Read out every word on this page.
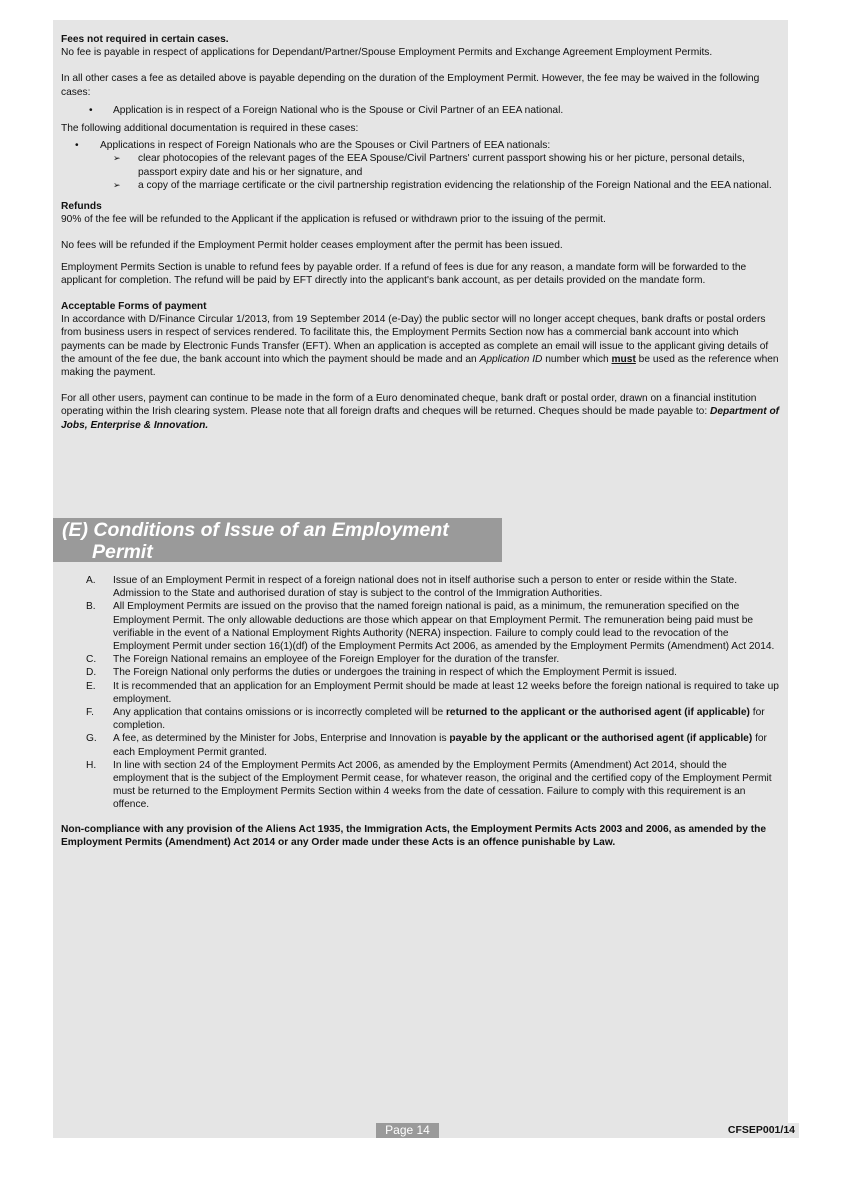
Fees not required in certain cases.

No fee is payable in respect of applications for Dependant/Partner/Spouse Employment Permits and Exchange Agreement Employment Permits.

In all other cases a fee as detailed above is payable depending on the duration of the Employment Permit. However, the fee may be waived in the following cases:

• Application is in respect of a Foreign National who is the Spouse or Civil Partner of an EEA national.

The following additional documentation is required in these cases:

• Applications in respect of Foreign Nationals who are the Spouses or Civil Partners of EEA nationals:
➢ clear photocopies of the relevant pages of the EEA Spouse/Civil Partners' current passport showing his or her picture, personal details, passport expiry date and his or her signature, and
➢ a copy of the marriage certificate or the civil partnership registration evidencing the relationship of the Foreign National and the EEA national.

Refunds

90% of the fee will be refunded to the Applicant if the application is refused or withdrawn prior to the issuing of the permit.

No fees will be refunded if the Employment Permit holder ceases employment after the permit has been issued.

Employment Permits Section is unable to refund fees by payable order. If a refund of fees is due for any reason, a mandate form will be forwarded to the applicant for completion. The refund will be paid by EFT directly into the applicant's bank account, as per details provided on the mandate form.

Acceptable Forms of payment

In accordance with D/Finance Circular 1/2013, from 19 September 2014 (e-Day) the public sector will no longer accept cheques, bank drafts or postal orders from business users in respect of services rendered. To facilitate this, the Employment Permits Section now has a commercial bank account into which payments can be made by Electronic Funds Transfer (EFT). When an application is accepted as complete an email will issue to the applicant giving details of the amount of the fee due, the bank account into which the payment should be made and an Application ID number which must be used as the reference when making the payment.

For all other users, payment can continue to be made in the form of a Euro denominated cheque, bank draft or postal order, drawn on a financial institution operating within the Irish clearing system. Please note that all foreign drafts and cheques will be returned. Cheques should be made payable to: Department of Jobs, Enterprise & Innovation.

(E) Conditions of Issue of an Employment
Permit
A. Issue of an Employment Permit in respect of a foreign national does not in itself authorise such a person to enter or reside within the State. Admission to the State and authorised duration of stay is subject to the control of the Immigration Authorities.
B. All Employment Permits are issued on the proviso that the named foreign national is paid, as a minimum, the remuneration specified on the Employment Permit. The only allowable deductions are those which appear on that Employment Permit. The remuneration being paid must be verifiable in the event of a National Employment Rights Authority (NERA) inspection. Failure to comply could lead to the revocation of the Employment Permit under section 16(1)(df) of the Employment Permits Act 2006, as amended by the Employment Permits (Amendment) Act 2014.
C. The Foreign National remains an employee of the Foreign Employer for the duration of the transfer.
D. The Foreign National only performs the duties or undergoes the training in respect of which the Employment Permit is issued.
E. It is recommended that an application for an Employment Permit should be made at least 12 weeks before the foreign national is required to take up employment.
F. Any application that contains omissions or is incorrectly completed will be returned to the applicant or the authorised agent (if applicable) for completion.
G. A fee, as determined by the Minister for Jobs, Enterprise and Innovation is payable by the applicant or the authorised agent (if applicable) for each Employment Permit granted.
H. In line with section 24 of the Employment Permits Act 2006, as amended by the Employment Permits (Amendment) Act 2014, should the employment that is the subject of the Employment Permit cease, for whatever reason, the original and the certified copy of the Employment Permit must be returned to the Employment Permits Section within 4 weeks from the date of cessation. Failure to comply with this requirement is an offence.

Non-compliance with any provision of the Aliens Act 1935, the Immigration Acts, the Employment Permits Acts 2003 and 2006, as amended by the Employment Permits (Amendment) Act 2014 or any Order made under these Acts is an offence punishable by Law.

Page 14	CFSEP001/14
